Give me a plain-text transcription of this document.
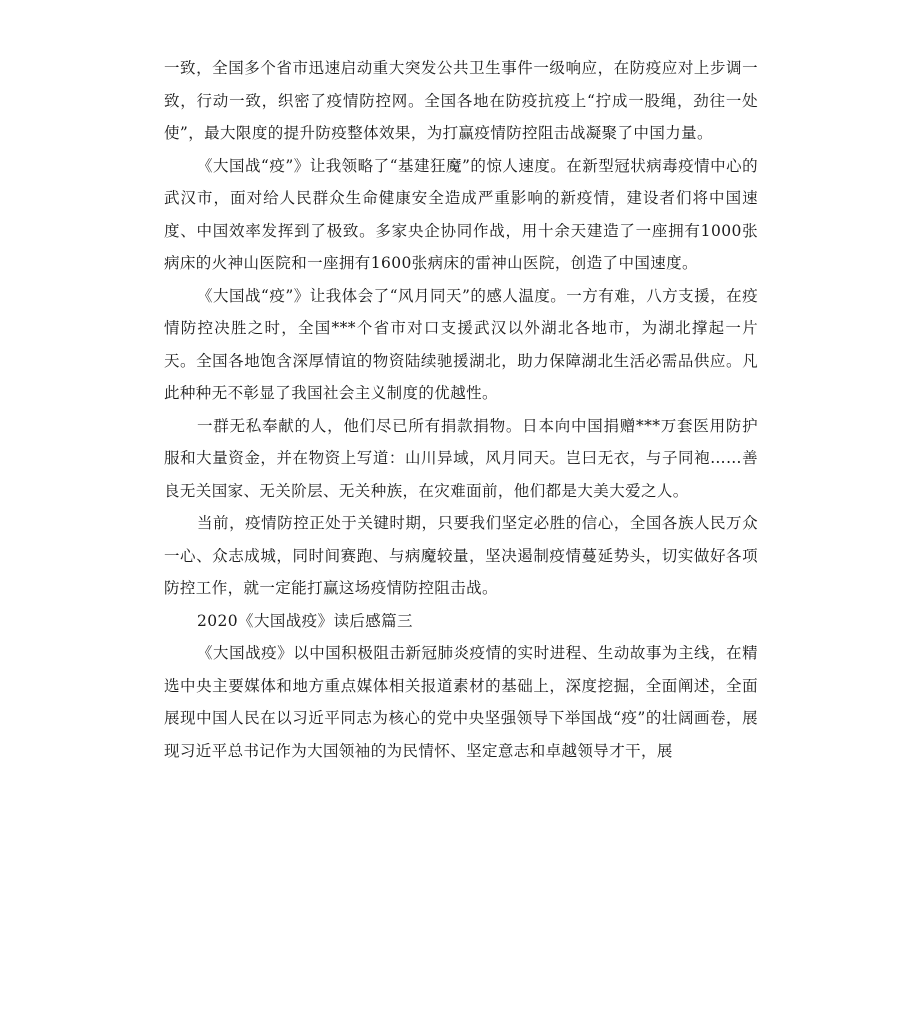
一致，全国多个省市迅速启动重大突发公共卫生事件一级响应，在防疫应对上步调一致，行动一致，织密了疫情防控网。全国各地在防疫抗疫上“拧成一股绳，劲往一处使”，最大限度的提升防疫整体效果，为打赢疫情防控阻击战凝聚了中国力量。

《大国战“疫”》让我领略了“基建狂魔”的惊人速度。在新型冠状病毒疫情中心的武汉市，面对给人民群众生命健康安全造成严重影响的新疫情，建设者们将中国速度、中国效率发挥到了极致。多家央企协同作战，用十余天建造了一座拥有1000张病床的火神山医院和一座拥有1600张病床的雷神山医院，创造了中国速度。

《大国战“疫”》让我体会了“风月同天”的感人温度。一方有难，八方支援，在疫情防控决胜之时，全国***个省市对口支援武汉以外湖北各地市，为湖北撑起一片天。全国各地饱含深厚情谊的物资陆续驰援湖北，助力保障湖北生活必需品供应。凡此种种无不彰显了我国社会主义制度的优越性。

一群无私奉献的人，他们尽已所有捐款捐物。日本向中国捐赠***万套医用防护服和大量资金，并在物资上写道：山川异域，风月同天。岂曰无衣，与子同袍……善良无关国家、无关阶层、无关种族，在灾难面前，他们都是大美大爱之人。

当前，疫情防控正处于关键时期，只要我们坚定必胜的信心，全国各族人民万众一心、众志成城，同时间赛跑、与病魔较量，坚决遏制疫情蔓延势头，切实做好各项防控工作，就一定能打赢这场疫情防控阻击战。

2020《大国战疫》读后感篇三

《大国战疫》以中国积极阻击新冠肺炎疫情的实时进程、生动故事为主线，在精选中央主要媒体和地方重点媒体相关报道素材的基础上，深度挖掘，全面阐述，全面展现中国人民在以习近平同志为核心的党中央坚强领导下举国战“疫”的壮阔画卷，展现习近平总书记作为大国领袖的为民情怀、坚定意志和卓越领导才干，展
